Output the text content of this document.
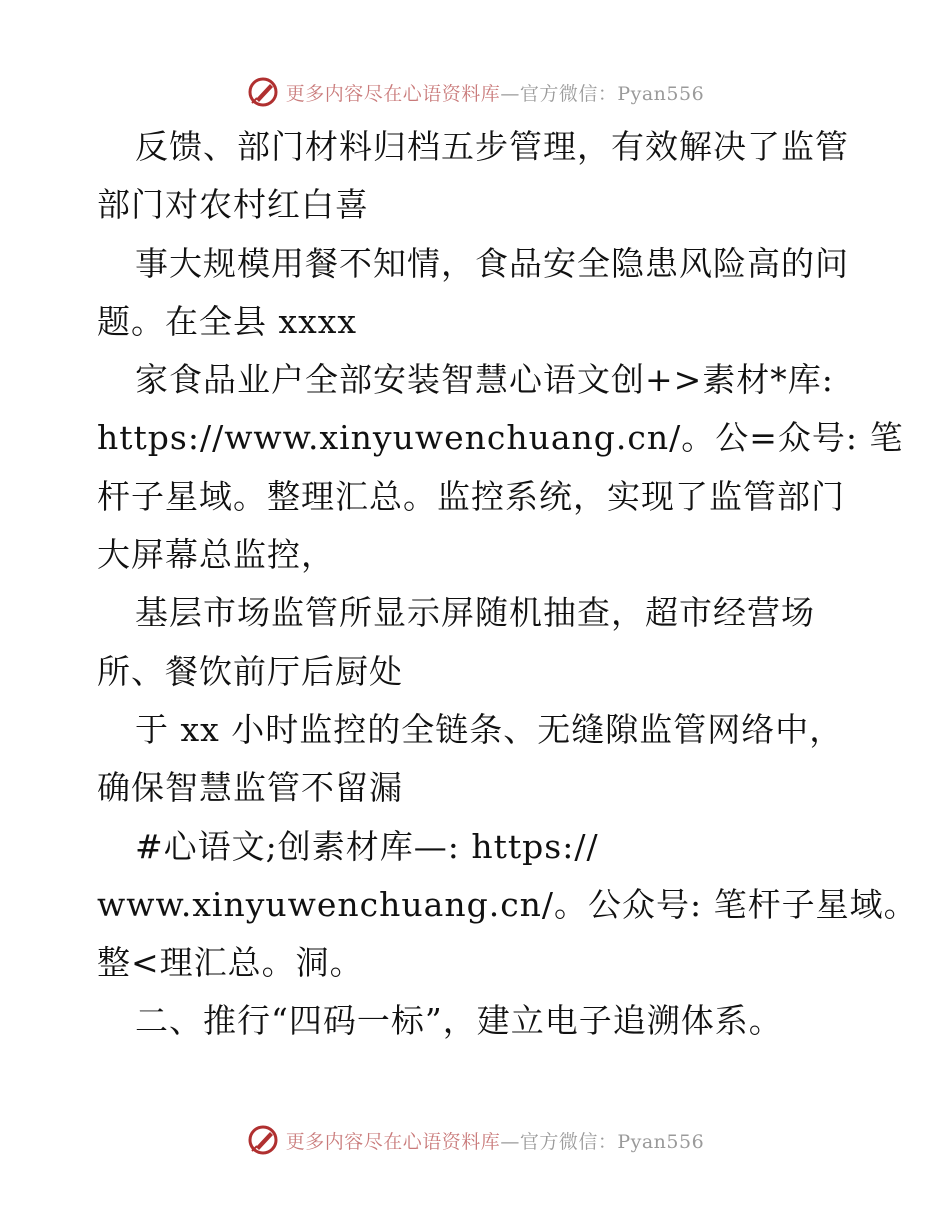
更多内容尽在心语资料库—官方微信：Pyan556
反馈、部门材料归档五步管理，有效解决了监管
部门对农村红白喜
事大规模用餐不知情，食品安全隐患风险高的问
题。在全县 xxxx
家食品业户全部安装智慧心语文创+>素材*库:
https://www.xinyuwenchuang.cn/。公=众号: 笔
杆子星域。整理汇总。监控系统，实现了监管部门
大屏幕总监控，
基层市场监管所显示屏随机抽查，超市经营场
所、餐饮前厅后厨处
于 xx 小时监控的全链条、无缝隙监管网络中，
确保智慧监管不留漏
#心语文;创素材库—: https://
www.xinyuwenchuang.cn/。公众号: 笔杆子星域。
整<理汇总。洞。
二、推行“四码一标”，建立电子追溯体系。
更多内容尽在心语资料库—官方微信：Pyan556
